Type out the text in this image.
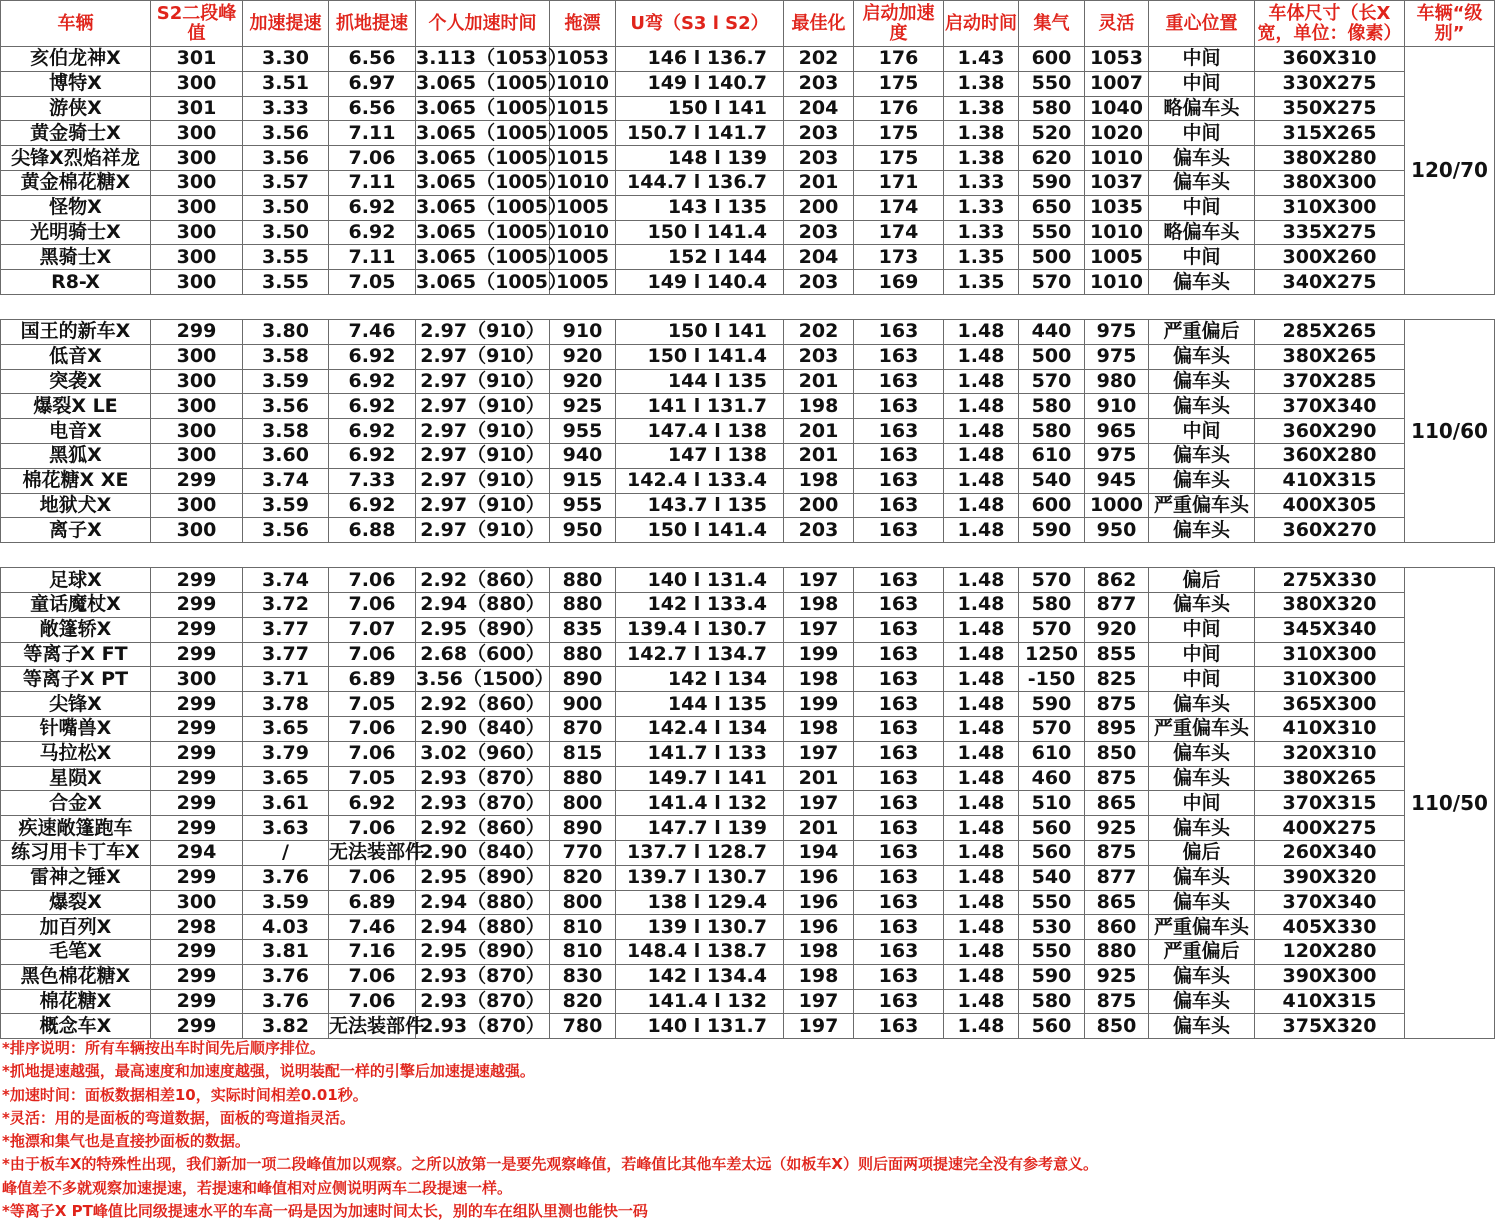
车辆	S2二段峰值	加速提速	抓地提速	个人加速时间	拖漂	U弯（S3 l S2）	最佳化	启动加速度	启动时间	集气	灵活	重心位置	车体尺寸（长X宽，单位：像素）	车辆“级别”
亥伯龙神X	301	3.30	6.56	3.113（1053）	1053	146 l 136.7	202	176	1.43	600	1053	中间	360X310	120/70
博特X	300	3.51	6.97	3.065（1005）	1010	149 l 140.7	203	175	1.38	550	1007	中间	330X275	
游侠X	301	3.33	6.56	3.065（1005）	1015	150 l 141	204	176	1.38	580	1040	略偏车头	350X275	
黄金骑士X	300	3.56	7.11	3.065（1005）	1005	150.7 l 141.7	203	175	1.38	520	1020	中间	315X265	
尖锋X烈焰祥龙	300	3.56	7.06	3.065（1005）	1015	148 l 139	203	175	1.38	620	1010	偏车头	380X280	
黄金棉花糖X	300	3.57	7.11	3.065（1005）	1010	144.7 l 136.7	201	171	1.33	590	1037	偏车头	380X300	
怪物X	300	3.50	6.92	3.065（1005）	1005	143 l 135	200	174	1.33	650	1035	中间	310X300	
光明骑士X	300	3.50	6.92	3.065（1005）	1010	150 l 141.4	203	174	1.33	550	1010	略偏车头	335X275	
黑骑士X	300	3.55	7.11	3.065（1005）	1005	152 l 144	204	173	1.35	500	1005	中间	300X260	
R8-X	300	3.55	7.05	3.065（1005）	1005	149 l 140.4	203	169	1.35	570	1010	偏车头	340X275	

国王的新车X	299	3.80	7.46	2.97（910）	910	150 l 141	202	163	1.48	440	975	严重偏后	285X265	110/60
低音X	300	3.58	6.92	2.97（910）	920	150 l 141.4	203	163	1.48	500	975	偏车头	380X265	
突袭X	300	3.59	6.92	2.97（910）	920	144 l 135	201	163	1.48	570	980	偏车头	370X285	
爆裂X LE	300	3.56	6.92	2.97（910）	925	141 l 131.7	198	163	1.48	580	910	偏车头	370X340	
电音X	300	3.58	6.92	2.97（910）	955	147.4 l 138	201	163	1.48	580	965	中间	360X290	
黑狐X	300	3.60	6.92	2.97（910）	940	147 l 138	201	163	1.48	610	975	偏车头	360X280	
棉花糖X XE	299	3.74	7.33	2.97（910）	915	142.4 l 133.4	198	163	1.48	540	945	偏车头	410X315	
地狱犬X	300	3.59	6.92	2.97（910）	955	143.7 l 135	200	163	1.48	600	1000	严重偏车头	400X305	
离子X	300	3.56	6.88	2.97（910）	950	150 l 141.4	203	163	1.48	590	950	偏车头	360X270	

足球X	299	3.74	7.06	2.92（860）	880	140 l 131.4	197	163	1.48	570	862	偏后	275X330	110/50
童话魔杖X	299	3.72	7.06	2.94（880）	880	142 l 133.4	198	163	1.48	580	877	偏车头	380X320	
敞篷轿X	299	3.77	7.07	2.95（890）	835	139.4 l 130.7	197	163	1.48	570	920	中间	345X340	
等离子X FT	299	3.77	7.06	2.68（600）	880	142.7 l 134.7	199	163	1.48	1250	855	中间	310X300	
等离子X PT	300	3.71	6.89	3.56（1500）	890	142 l 134	198	163	1.48	-150	825	中间	310X300	
尖锋X	299	3.78	7.05	2.92（860）	900	144 l 135	199	163	1.48	590	875	偏车头	365X300	
针嘴兽X	299	3.65	7.06	2.90（840）	870	142.4 l 134	198	163	1.48	570	895	严重偏车头	410X310	
马拉松X	299	3.79	7.06	3.02（960）	815	141.7 l 133	197	163	1.48	610	850	偏车头	320X310	
星陨X	299	3.65	7.05	2.93（870）	880	149.7 l 141	201	163	1.48	460	875	偏车头	380X265	
合金X	299	3.61	6.92	2.93（870）	800	141.4 l 132	197	163	1.48	510	865	中间	370X315	
疾速敞篷跑车	299	3.63	7.06	2.92（860）	890	147.7 l 139	201	163	1.48	560	925	偏车头	400X275	
练习用卡丁车X	294	/	无法装部件	2.90（840）	770	137.7 l 128.7	194	163	1.48	560	875	偏后	260X340	
雷神之锤X	299	3.76	7.06	2.95（890）	820	139.7 l 130.7	196	163	1.48	540	877	偏车头	390X320	
爆裂X	300	3.59	6.89	2.94（880）	800	138 l 129.4	196	163	1.48	550	865	偏车头	370X340	
加百列X	298	4.03	7.46	2.94（880）	810	139 l 130.7	196	163	1.48	530	860	严重偏车头	405X330	
毛笔X	299	3.81	7.16	2.95（890）	810	148.4 l 138.7	198	163	1.48	550	880	严重偏后	120X280	
黑色棉花糖X	299	3.76	7.06	2.93（870）	830	142 l 134.4	198	163	1.48	590	925	偏车头	390X300	
棉花糖X	299	3.76	7.06	2.93（870）	820	141.4 l 132	197	163	1.48	580	875	偏车头	410X315	
概念车X	299	3.82	无法装部件	2.93（870）	780	140 l 131.7	197	163	1.48	560	850	偏车头	375X320	
*排序说明：所有车辆按出车时间先后顺序排位。
*抓地提速越强，最高速度和加速度越强，说明装配一样的引擎后加速提速越强。
*加速时间：面板数据相差10，实际时间相差0.01秒。
*灵活：用的是面板的弯道数据，面板的弯道指灵活。
*拖漂和集气也是直接抄面板的数据。
*由于板车X的特殊性出现，我们新加一项二段峰值加以观察。之所以放第一是要先观察峰值，若峰值比其他车差太远（如板车X）则后面两项提速完全没有参考意义。
峰值差不多就观察加速提速，若提速和峰值相对应侧说明两车二段提速一样。
*等离子X PT峰值比同级提速水平的车高一码是因为加速时间太长，别的车在组队里测也能快一码
